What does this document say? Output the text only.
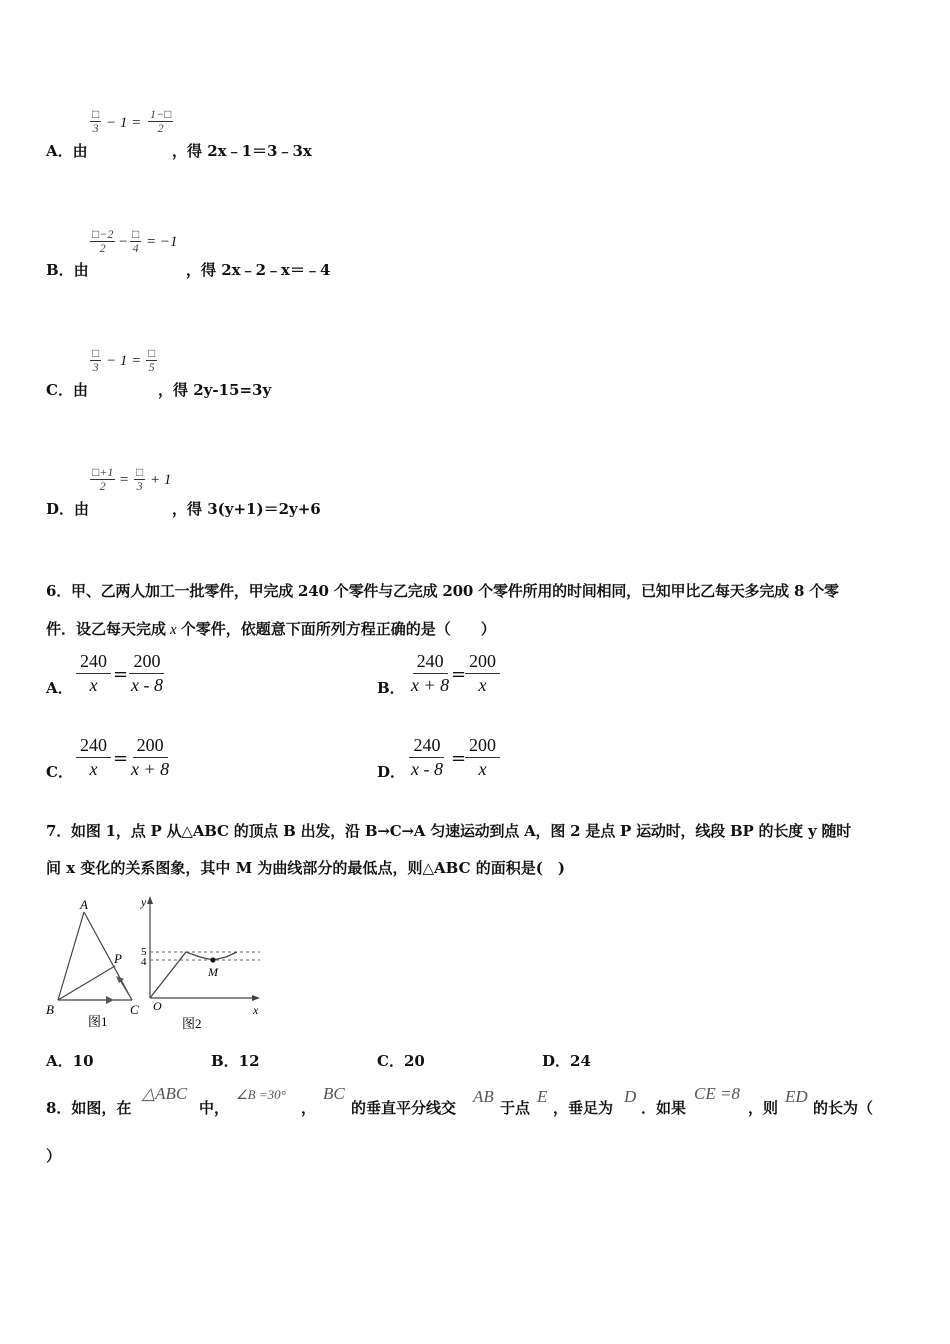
□
$3 - 1 = \frac{1-□}{2}$
A．由	，得 2x﹣1＝3﹣3x
$\frac{□-2}{2}$ − □
4 = −1
B．由	，得 2x﹣2﹣x＝﹣4
□
3 − 1 = □
5
C．由	，得 2y-15=3y
$\frac{□+1}{2}$ = □
3 + 1
D．由	，得 3(y+1)＝2y+6
6．甲、乙两人加工一批零件，甲完成 240 个零件与乙完成 200 个零件所用的时间相同，已知甲比乙每天多完成 8 个零
件．设乙每天完成 x 个零件，依题意下面所列方程正确的是（　　）
A． $\frac{240}{x}$ =
$\frac{200}{x - 8}$	B． $\frac{240}{x + 8}$
=
$\frac{200}{x}$
C． $\frac{240}{x}$ =
$\frac{200}{x + 8}$	D． $\frac{240}{x - 8}$ =
$\frac{200}{x}$
7．如图 1，点 P 从△ABC 的顶点 B 出发，沿 B→C→A 匀速运动到点 A，图 2 是点 P 运动时，线段 BP 的长度 y 随时
间 x 变化的关系图象，其中 M 为曲线部分的最低点，则△ABC 的面积是(　)
A
B	C
P
图1
y
x
O
5
4
M
图2
A．10	B．12	C．20	D．24
8．如图，在
△ABC
中，
∠B =30°
，
BC
的垂直平分线交
AB
于点
E
，垂足为
D
．如果
CE =8
，则
ED
的长为（
）
